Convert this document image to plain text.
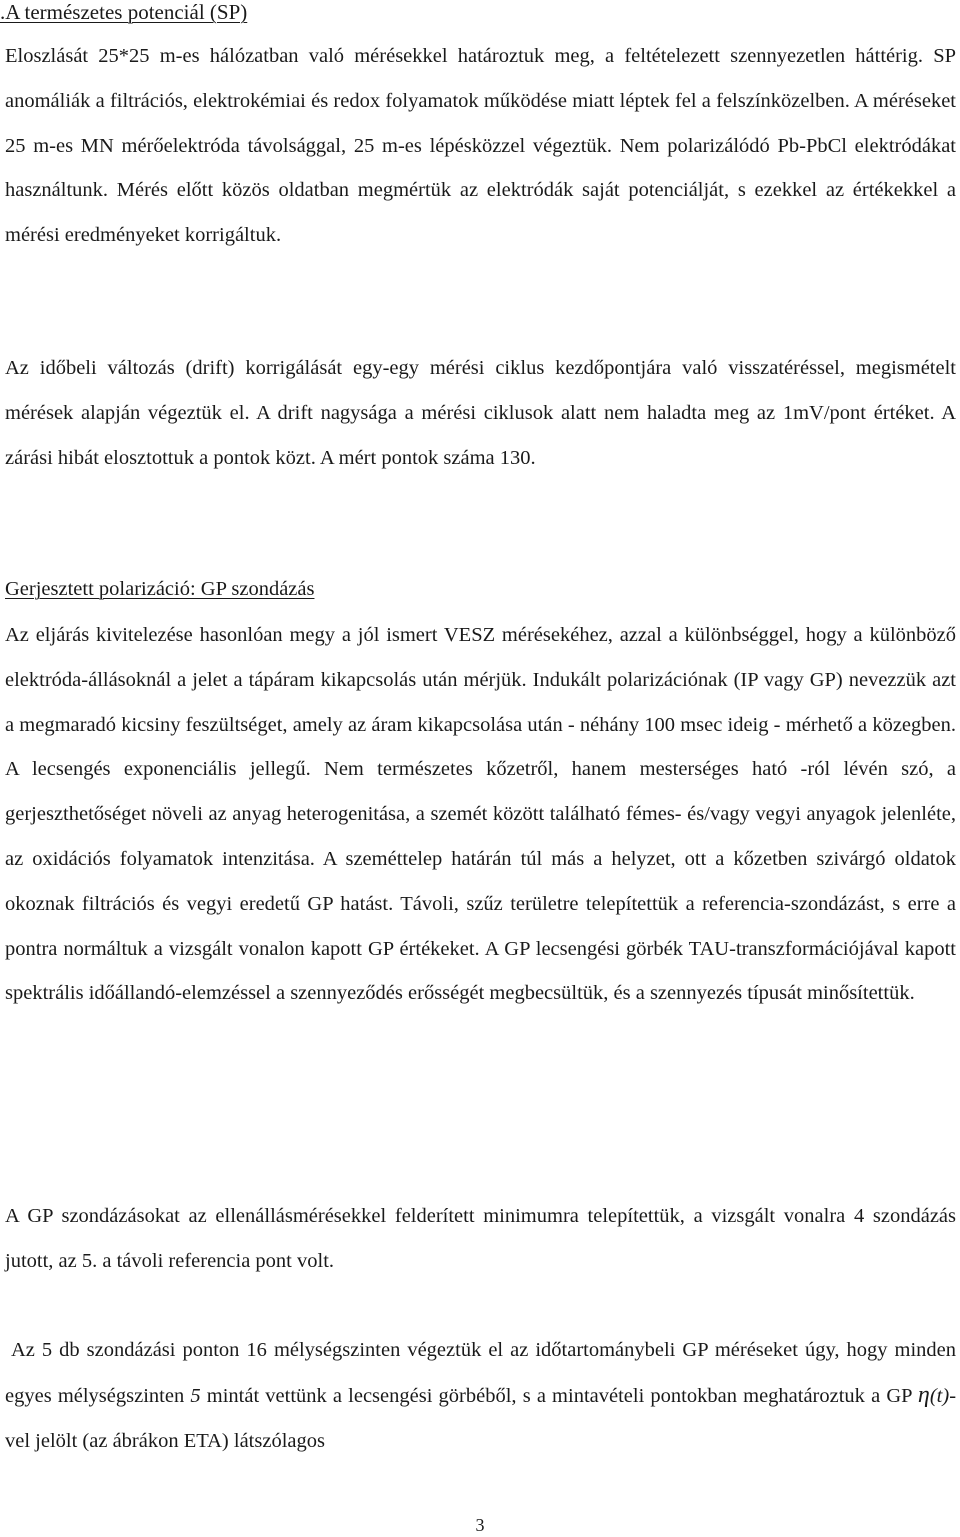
.A természetes potenciál (SP)

Eloszlását 25*25 m-es hálózatban való mérésekkel határoztuk meg, a feltételezett szennyezetlen háttérig. SP anomáliák a filtrációs, elektrokémiai és redox folyamatok működése miatt léptek fel a felszínközelben. A méréseket 25 m-es MN mérőelektróda távolsággal, 25 m-es lépésközzel végeztük. Nem polarizálódó Pb-PbCl elektródákat használtunk. Mérés előtt közös oldatban megmértük az elektródák saját potenciálját, s ezekkel az értékekkel a mérési eredményeket korrigáltuk.

Az időbeli változás (drift) korrigálását egy-egy mérési ciklus kezdőpontjára való visszatéréssel, megismételt mérések alapján végeztük el. A drift nagysága a mérési ciklusok alatt nem haladta meg az 1mV/pont értéket. A zárási hibát elosztottuk a pontok közt. A mért pontok száma 130.

Gerjesztett polarizáció: GP szondázás

Az eljárás kivitelezése hasonlóan megy a jól ismert VESZ mérésekéhez, azzal a különbséggel, hogy a különböző elektróda-állásoknál a jelet a tápáram kikapcsolás után mérjük. Indukált polarizációnak (IP vagy GP) nevezzük azt a megmaradó kicsiny feszültséget, amely az áram kikapcsolása után - néhány 100 msec ideig - mérhető a közegben. A lecsengés exponenciális jellegű. Nem természetes kőzetről, hanem mesterséges ható -ról lévén szó, a gerjeszthetőséget növeli az anyag heterogenitása, a szemét között található fémes- és/vagy vegyi anyagok jelenléte, az oxidációs folyamatok intenzitása. A szeméttelep határán túl más a helyzet, ott a kőzetben szivárgó oldatok okoznak filtrációs és vegyi eredetű GP hatást. Távoli, szűz területre telepítettük a referencia-szondázást, s erre a pontra normáltuk a vizsgált vonalon kapott GP értékeket. A GP lecsengési görbék TAU-transzformációjával kapott spektrális időállandó-elemzéssel a szennyeződés erősségét megbecsültük, és a szennyezés típusát minősítettük.

A GP szondázásokat az ellenállásmérésekkel felderített minimumra telepítettük, a vizsgált vonalra 4 szondázás jutott, az 5. a távoli referencia pont volt.

Az 5 db szondázási ponton 16 mélységszinten végeztük el az időtartománybeli GP méréseket úgy, hogy minden egyes mélységszinten 5 mintát vettünk a lecsengési görbéből, s a mintavételi pontokban meghatároztuk a GP η(t)-vel jelölt (az ábrákon ETA) látszólagos

3
